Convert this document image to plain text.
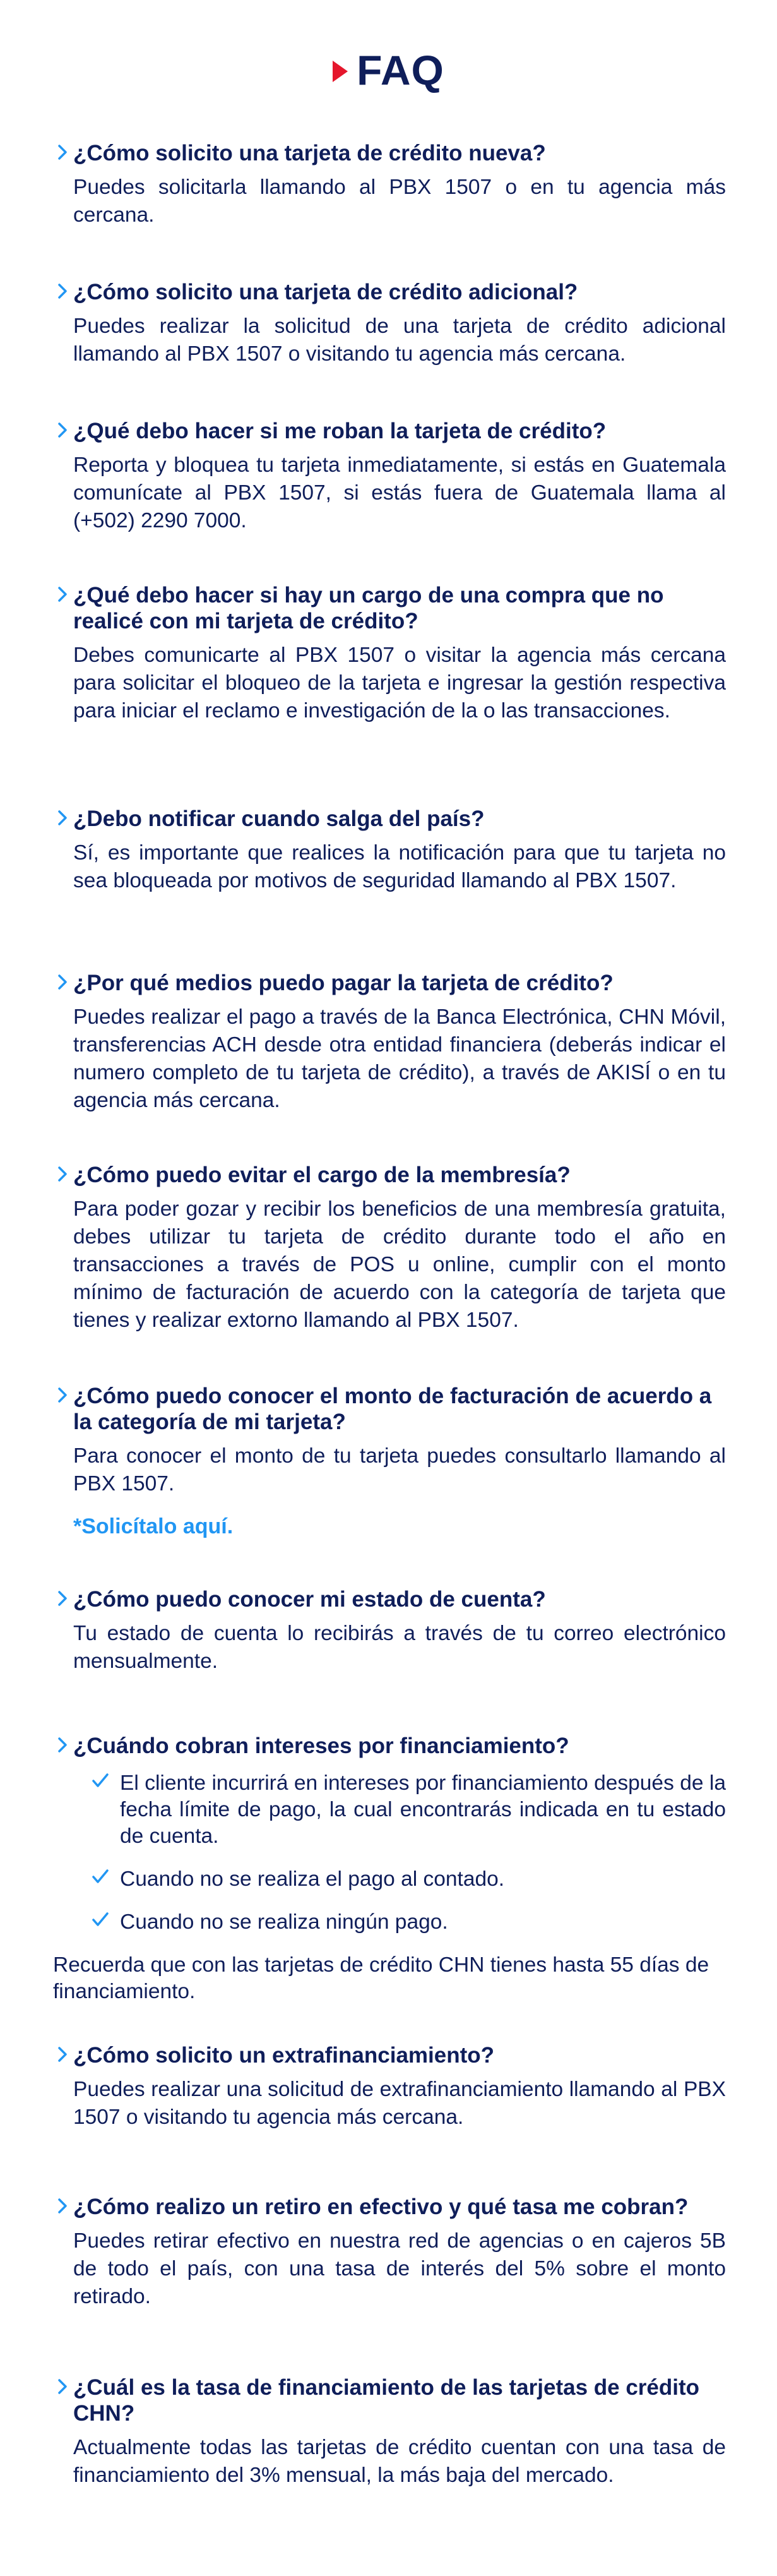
FAQ
¿Cómo solicito una tarjeta de crédito nueva?

Puedes solicitarla llamando al PBX 1507 o en tu agencia más cercana.

¿Cómo solicito una tarjeta de crédito adicional?

Puedes realizar la solicitud de una tarjeta de crédito adicional llamando al PBX 1507 o visitando tu agencia más cercana.

¿Qué debo hacer si me roban la tarjeta de crédito?

Reporta y bloquea tu tarjeta inmediatamente, si estás en Guatemala comunícate al PBX 1507, si estás fuera de Guatemala llama al (+502) 2290 7000.

¿Qué debo hacer si hay un cargo de una compra que no realicé con mi tarjeta de crédito?

Debes comunicarte al PBX 1507 o visitar la agencia más cercana para solicitar el bloqueo de la tarjeta e ingresar la gestión respectiva para iniciar el reclamo e investigación de la o las transacciones.

¿Debo notificar cuando salga del país?

Sí, es importante que realices la notificación para que tu tarjeta no sea bloqueada por motivos de seguridad llamando al PBX 1507.

¿Por qué medios puedo pagar la tarjeta de crédito?

Puedes realizar el pago a través de la Banca Electrónica, CHN Móvil, transferencias ACH desde otra entidad financiera (deberás indicar el numero completo de tu tarjeta de crédito), a través de AKISÍ o en tu agencia más cercana.

¿Cómo puedo evitar el cargo de la membresía?

Para poder gozar y recibir los beneficios de una membresía gratuita, debes utilizar tu tarjeta de crédito durante todo el año en transacciones a través de POS u online, cumplir con el monto mínimo de facturación de acuerdo con la categoría de tarjeta que tienes y realizar extorno llamando al PBX 1507.

¿Cómo puedo conocer el monto de facturación de acuerdo a la categoría de mi tarjeta?

Para conocer el monto de tu tarjeta puedes consultarlo llamando al PBX 1507.

*Solicítalo aquí.
¿Cómo puedo conocer mi estado de cuenta?

Tu estado de cuenta lo recibirás a través de tu correo electrónico mensualmente.

¿Cuándo cobran intereses por financiamiento?
El cliente incurrirá en intereses por financiamiento después de la fecha límite de pago, la cual encontrarás indicada en tu estado de cuenta.
Cuando no se realiza el pago al contado.
Cuando no se realiza ningún pago.

Recuerda que con las tarjetas de crédito CHN tienes hasta 55 días de financiamiento.

¿Cómo solicito un extrafinanciamiento?

Puedes realizar una solicitud de extrafinanciamiento llamando al PBX 1507 o visitando tu agencia más cercana.

¿Cómo realizo un retiro en efectivo y qué tasa me cobran?

Puedes retirar efectivo en nuestra red de agencias o en cajeros 5B de todo el país, con una tasa de interés del 5% sobre el monto retirado.

¿Cuál es la tasa de financiamiento de las tarjetas de crédito CHN?

Actualmente todas las tarjetas de crédito cuentan con una tasa de financiamiento del 3% mensual, la más baja del mercado.
